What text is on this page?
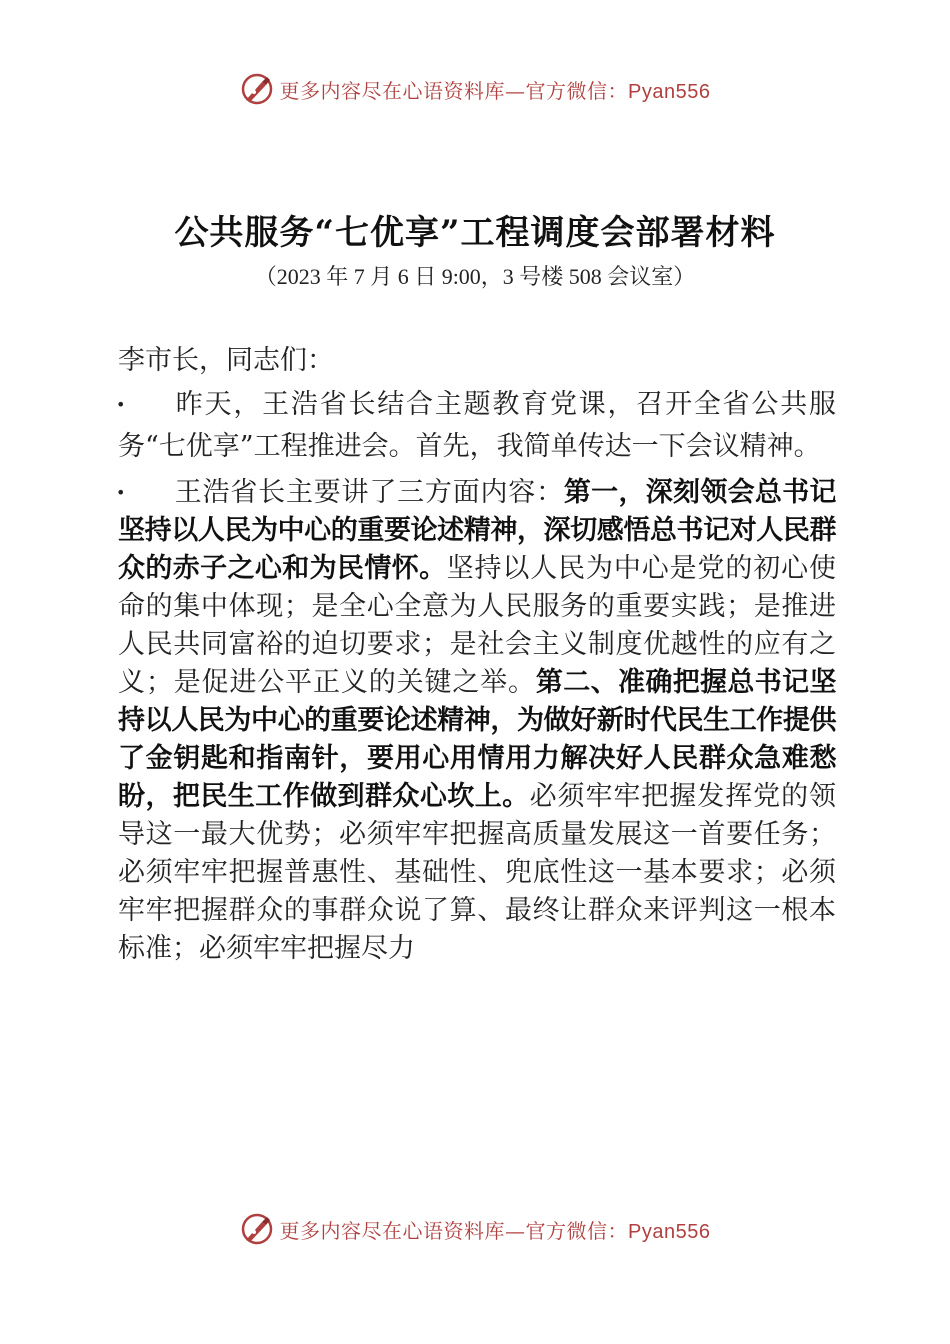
更多内容尽在心语资料库—官方微信：Pyan556
公共服务“七优享”工程调度会部署材料
（2023 年 7 月 6 日 9:00，3 号楼 508 会议室）

李市长，同志们：

• 昨天，王浩省长结合主题教育党课，召开全省公共服务“七优享”工程推进会。首先，我简单传达一下会议精神。

• 王浩省长主要讲了三方面内容：第一，深刻领会总书记坚持以人民为中心的重要论述精神，深切感悟总书记对人民群众的赤子之心和为民情怀。坚持以人民为中心是党的初心使命的集中体现；是全心全意为人民服务的重要实践；是推进人民共同富裕的迫切要求；是社会主义制度优越性的应有之义；是促进公平正义的关键之举。第二、准确把握总书记坚持以人民为中心的重要论述精神，为做好新时代民生工作提供了金钥匙和指南针，要用心用情用力解决好人民群众急难愁盼，把民生工作做到群众心坎上。必须牢牢把握发挥党的领导这一最大优势；必须牢牢把握高质量发展这一首要任务；必须牢牢把握普惠性、基础性、兜底性这一基本要求；必须牢牢把握群众的事群众说了算、最终让群众来评判这一根本标准；必须牢牢把握尽力

更多内容尽在心语资料库—官方微信：Pyan556
